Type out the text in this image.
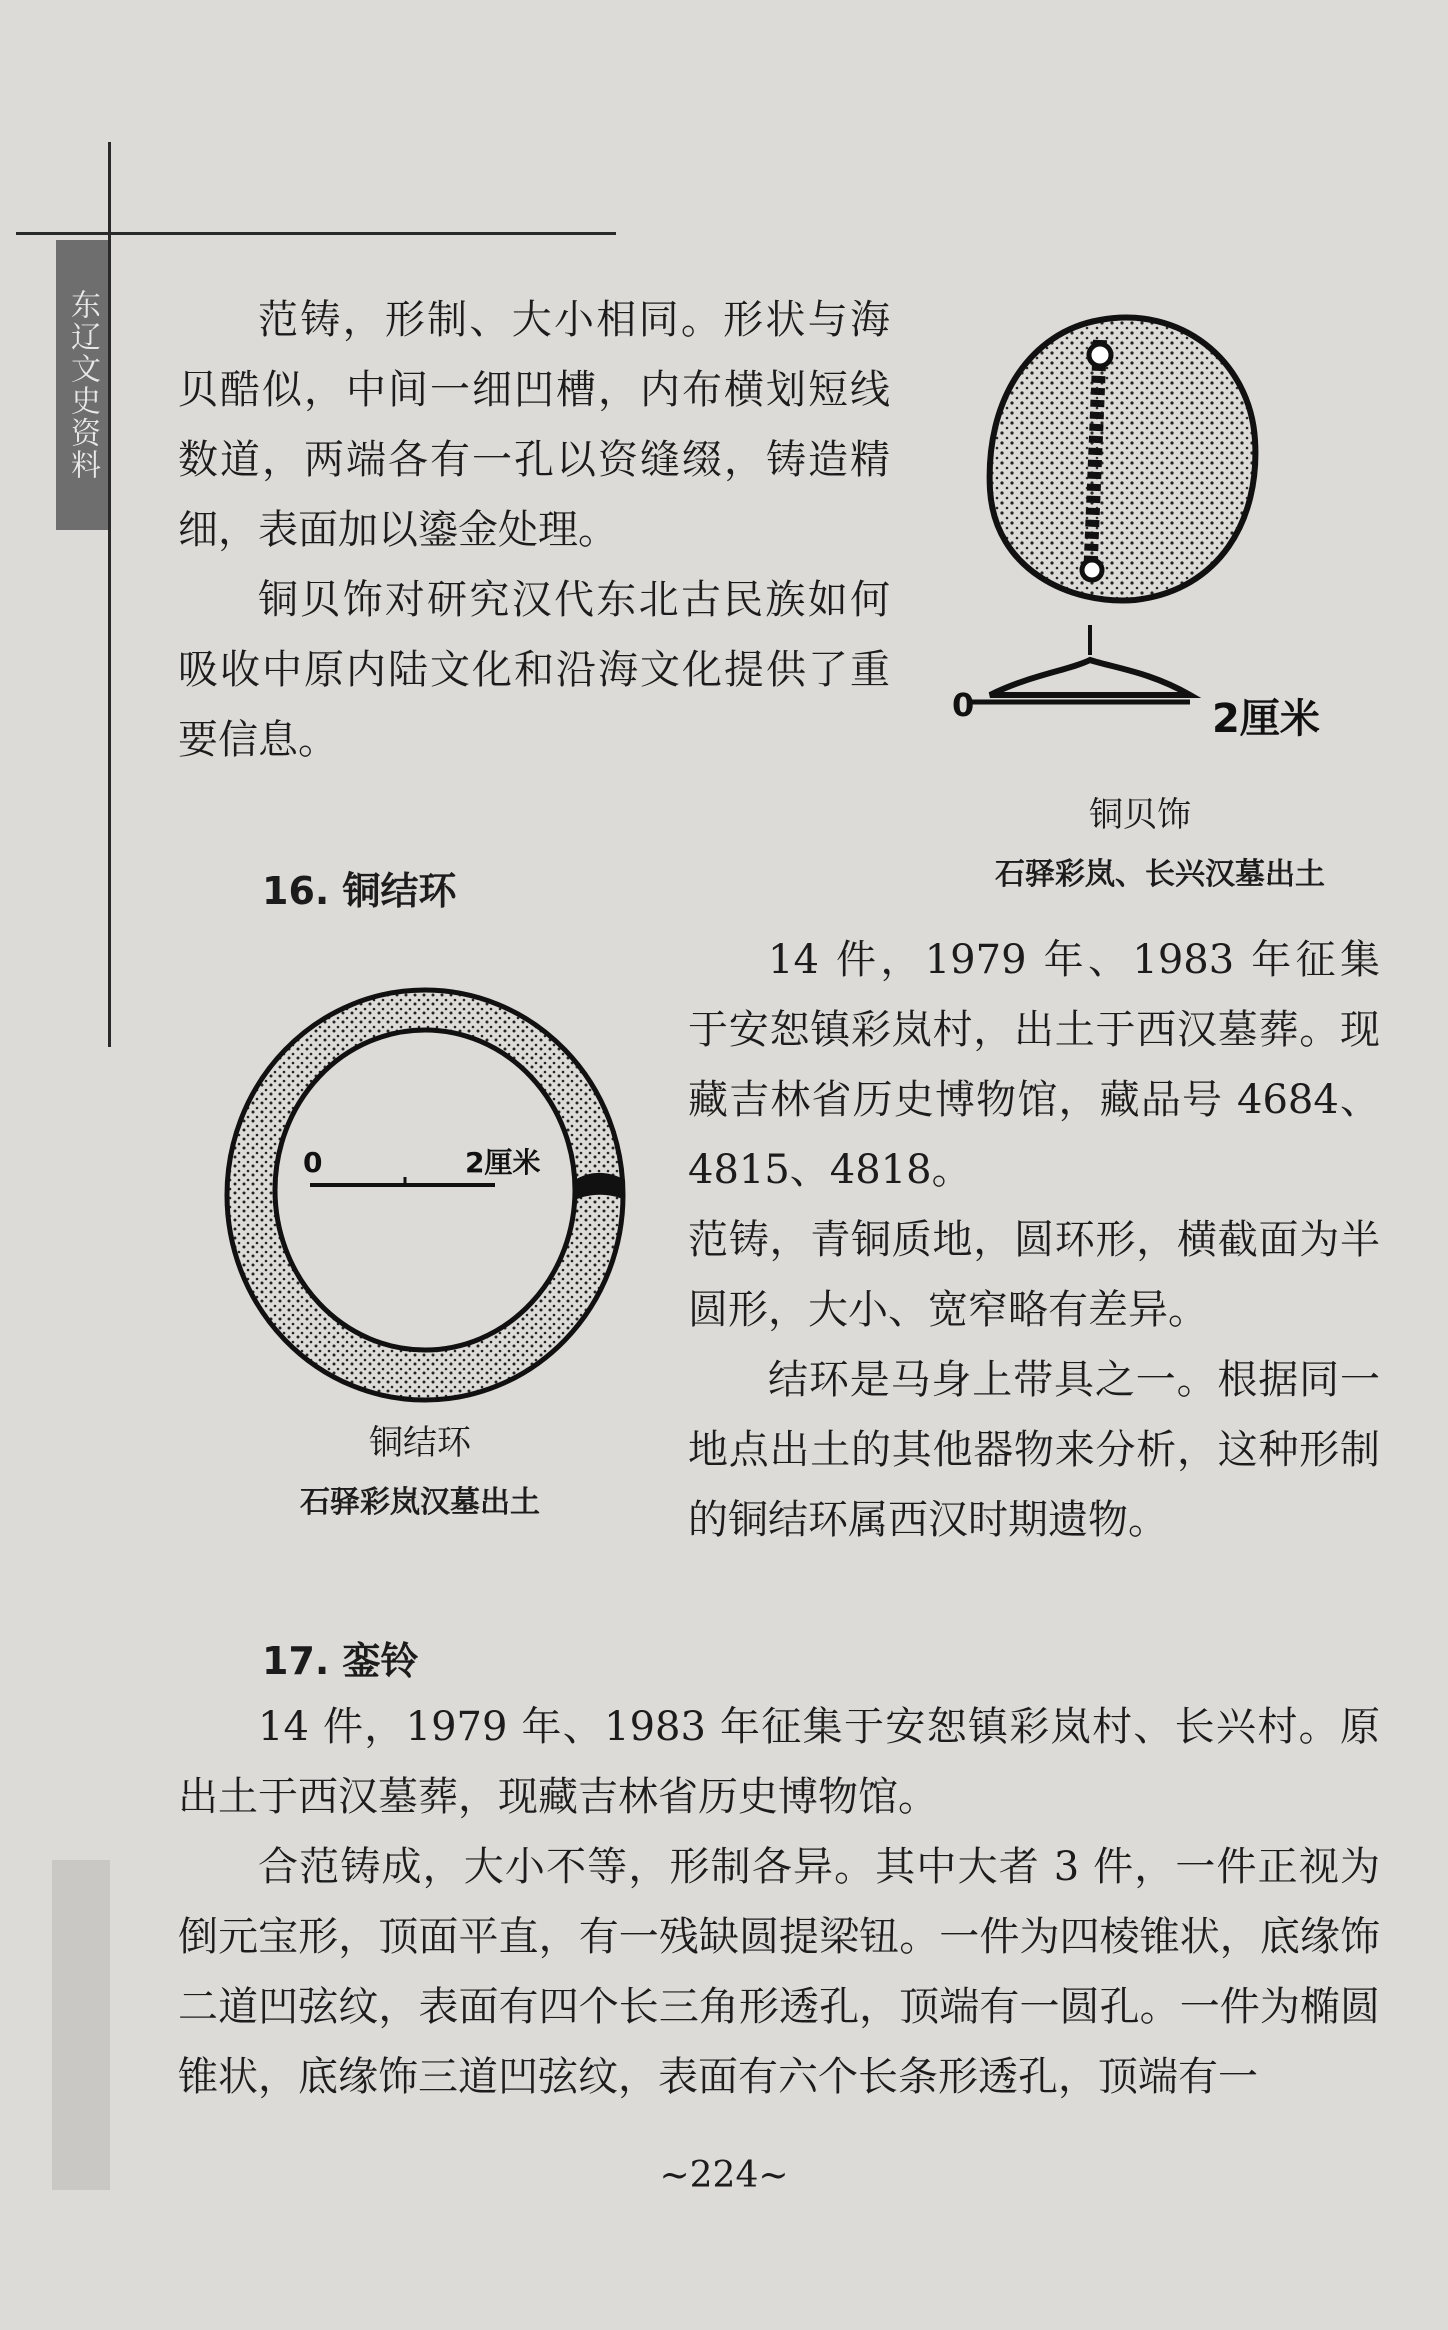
东辽文史资料	范铸，形制、大小相同。形状与海贝酷似，中间一细凹槽，内布横划短线数道，两端各有一孔以资缝缀，铸造精细，表面加以鎏金处理。

铜贝饰对研究汉代东北古民族如何吸收中原内陆文化和沿海文化提供了重要信息。

0	2厘米

铜贝饰

石驿彩岚、长兴汉墓出土

16. 铜结环

0	2厘米

铜结环

石驿彩岚汉墓出土

14 件，1979 年、1983 年征集于安恕镇彩岚村，出土于西汉墓葬。现藏吉林省历史博物馆，藏品号 4684、4815、4818。

范铸，青铜质地，圆环形，横截面为半圆形，大小、宽窄略有差异。

结环是马身上带具之一。根据同一地点出土的其他器物来分析，这种形制的铜结环属西汉时期遗物。

17. 銮铃

14 件，1979 年、1983 年征集于安恕镇彩岚村、长兴村。原出土于西汉墓葬，现藏吉林省历史博物馆。

合范铸成，大小不等，形制各异。其中大者 3 件，一件正视为倒元宝形，顶面平直，有一残缺圆提梁钮。一件为四棱锥状，底缘饰二道凹弦纹，表面有四个长三角形透孔，顶端有一圆孔。一件为椭圆锥状，底缘饰三道凹弦纹，表面有六个长条形透孔，顶端有一

~224~
